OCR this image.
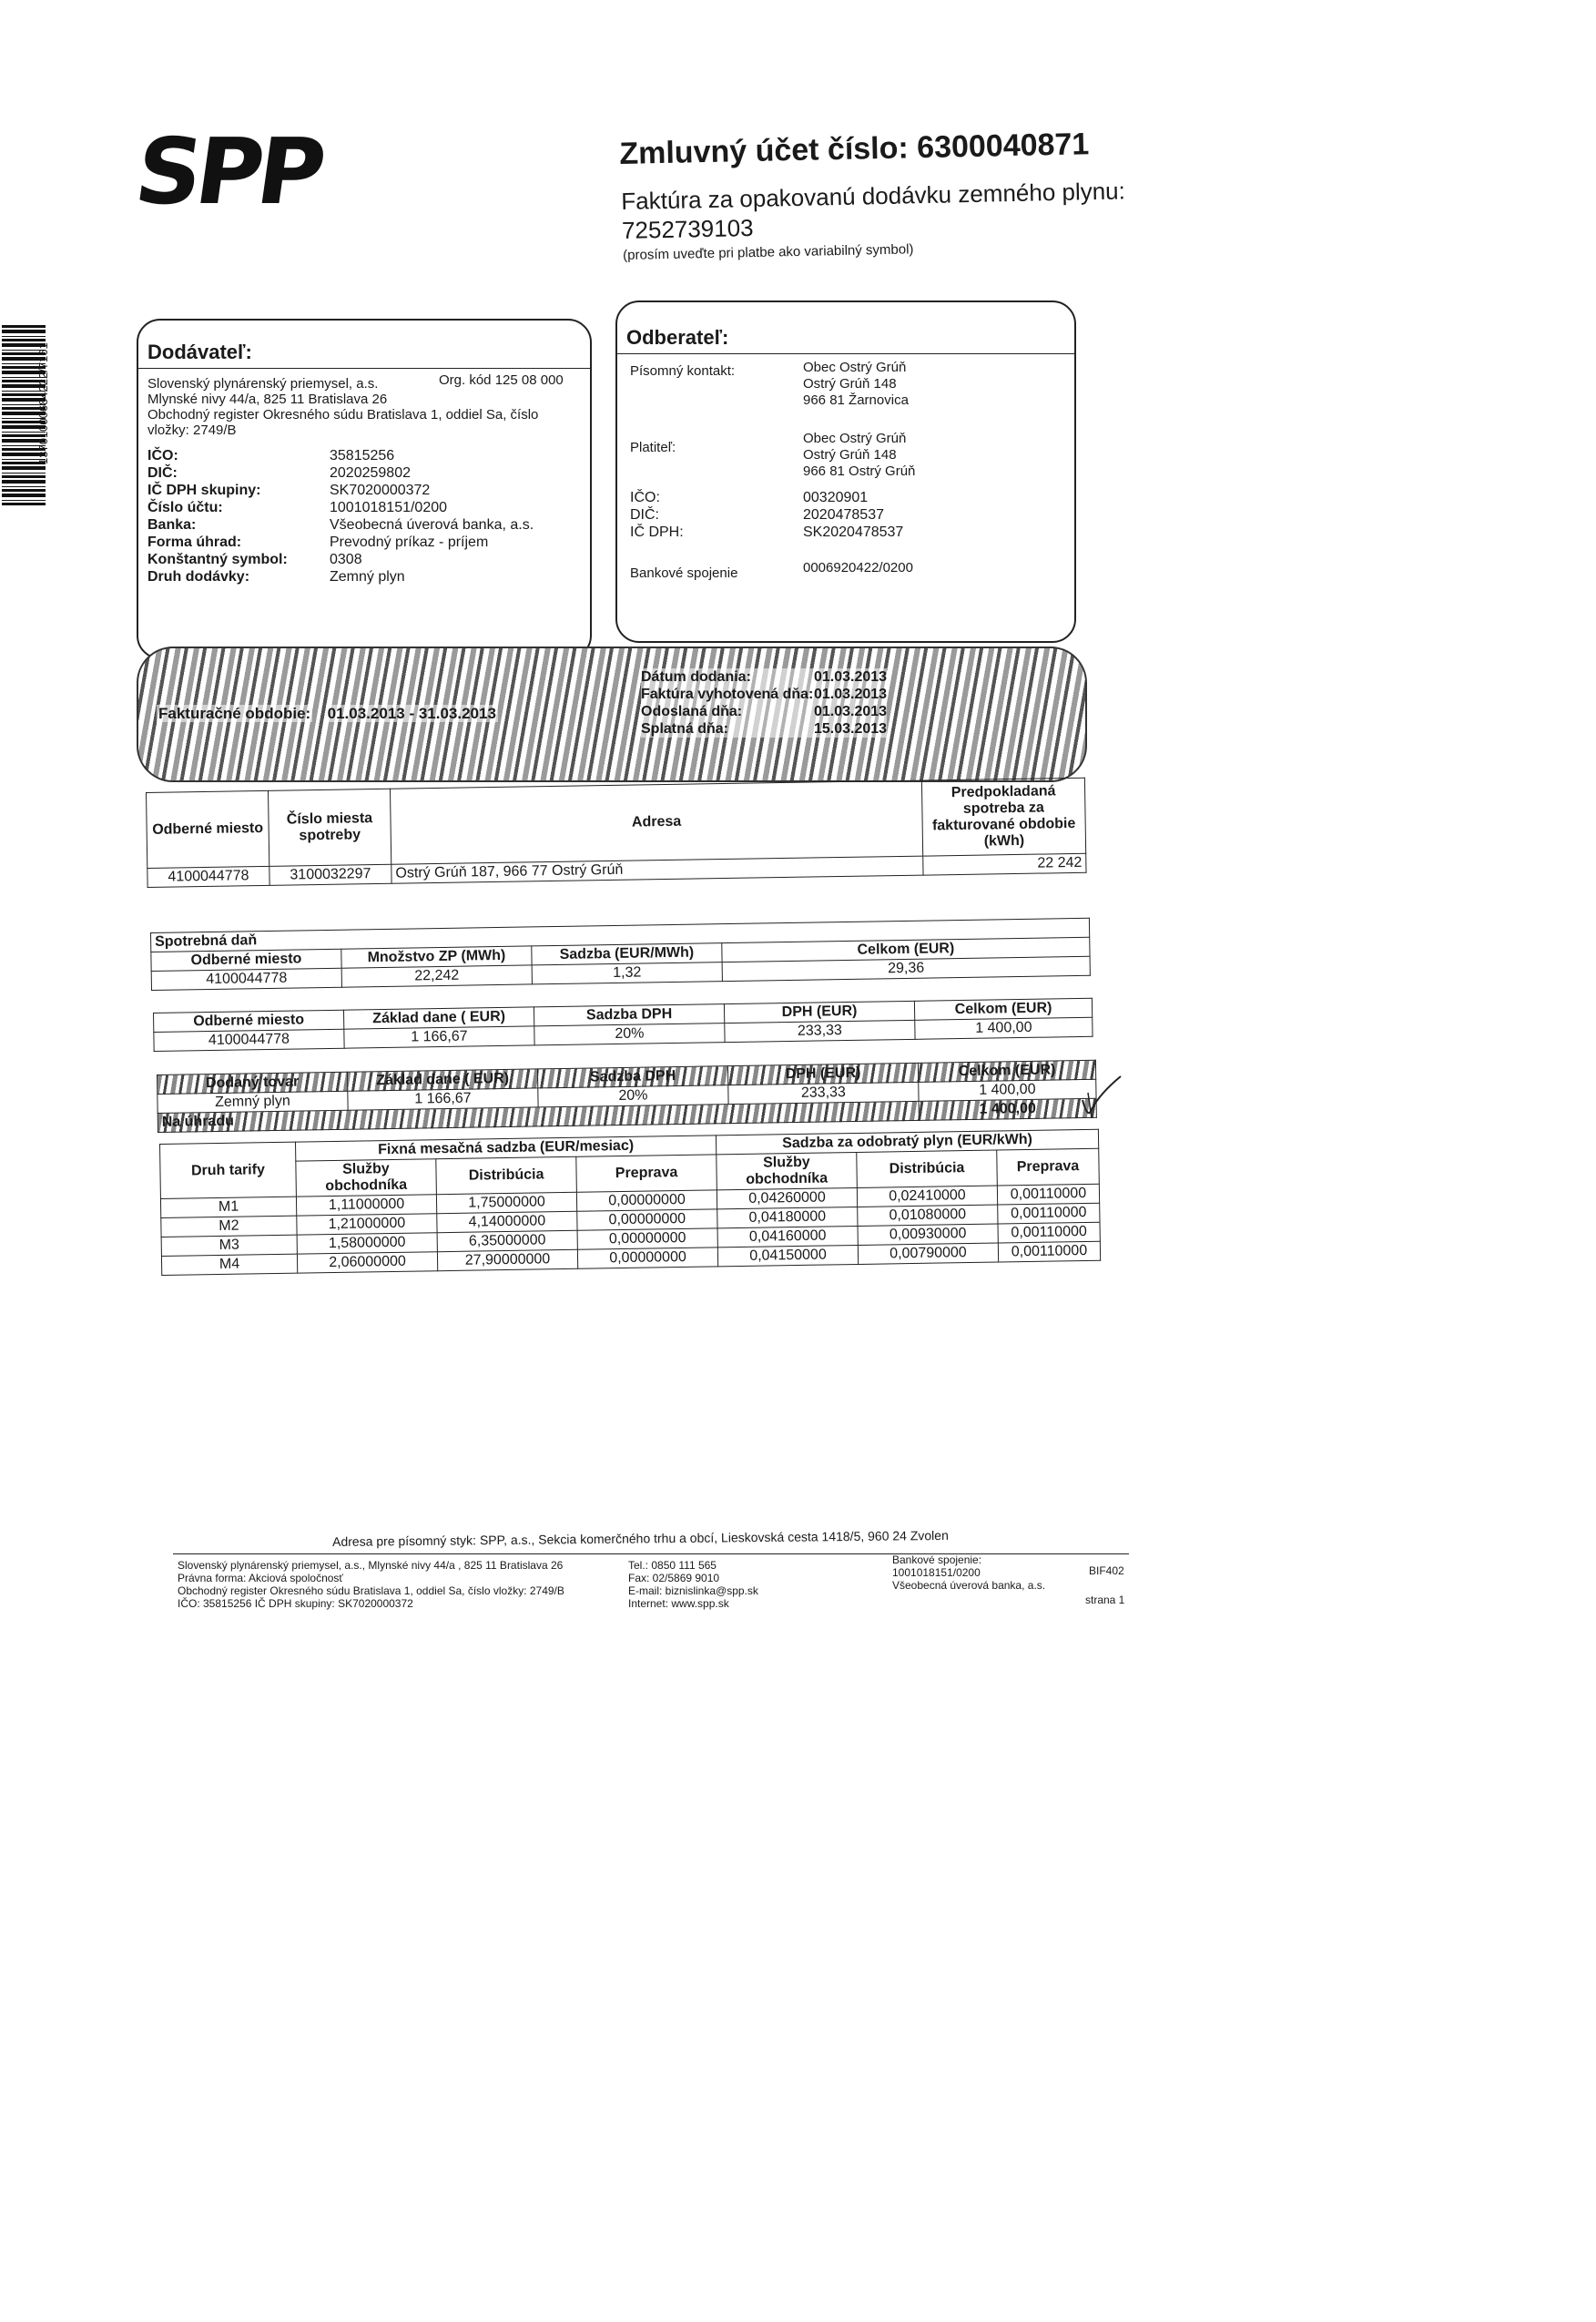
SPP
13701000684222/7161
Zmluvný účet číslo: 6300040871
Faktúra za opakovanú dodávku zemného plynu:
7252739103
(prosím uveďte pri platbe ako variabilný symbol)
Dodávateľ:
Slovenský plynárenský priemysel, a.s.	Org. kód 125 08 000
Mlynské nivy 44/a, 825 11 Bratislava 26
Obchodný register Okresného súdu Bratislava 1, oddiel Sa, číslo vložky: 2749/B
IČO:	35815256
DIČ:	2020259802
IČ DPH skupiny:	SK7020000372
Číslo účtu:	1001018151/0200
Banka:	Všeobecná úverová banka, a.s.
Forma úhrad:	Prevodný príkaz - príjem
Konštantný symbol:	0308
Druh dodávky:	Zemný plyn
Odberateľ:
Písomný kontakt:	Obec Ostrý Grúň
Ostrý Grúň 148
966 81 Žarnovica
Platiteľ:
Obec Ostrý Grúň
Ostrý Grúň 148
966 81 Ostrý Grúň
IČO:	00320901
DIČ:	2020478537
IČ DPH:	SK2020478537
Bankové spojenie	0006920422/0200
Fakturačné obdobie: 01.03.2013 - 31.03.2013
Dátum dodania:	01.03.2013
Faktúra vyhotovená dňa: 01.03.2013
Odoslaná dňa:	01.03.2013
Splatná dňa:	15.03.2013
Odberné miesto	Číslo miesta spotreby	Adresa	Predpokladaná spotreba za fakturované obdobie (kWh)
4100044778	3100032297	Ostrý Grúň 187, 966 77 Ostrý Grúň	22 242
Spotrebná daň			
Odberné miesto	Množstvo ZP (MWh)	Sadzba (EUR/MWh)	Celkom (EUR)
4100044778	22,242	1,32	29,36
Odberné miesto	Základ dane ( EUR)	Sadzba DPH	DPH (EUR)	Celkom (EUR)
4100044778	1 166,67	20%	233,33	1 400,00
Dodaný tovar	Základ dane ( EUR)	Sadzba DPH	DPH (EUR)	Celkom (EUR)
Zemný plyn	1 166,67	20%	233,33	1 400,00
Na úhradu				1 400,00
Druh tarify	Fixná mesačná sadzba (EUR/mesiac)			Sadzba za odobratý plyn (EUR/kWh)		
	Služby obchodníka	Distribúcia	Preprava	Služby obchodníka	Distribúcia	Preprava
M1	1,11000000	1,75000000	0,00000000	0,04260000	0,02410000	0,00110000
M2	1,21000000	4,14000000	0,00000000	0,04180000	0,01080000	0,00110000
M3	1,58000000	6,35000000	0,00000000	0,04160000	0,00930000	0,00110000
M4	2,06000000	27,90000000	0,00000000	0,04150000	0,00790000	0,00110000
Adresa pre písomný styk: SPP, a.s., Sekcia komerčného trhu a obcí, Lieskovská cesta 1418/5, 960 24 Zvolen
Slovenský plynárenský priemysel, a.s., Mlynské nivy 44/a , 825 11 Bratislava 26
Právna forma: Akciová spoločnosť
Obchodný register Okresného súdu Bratislava 1, oddiel Sa, číslo vložky: 2749/B
IČO: 35815256 IČ DPH skupiny: SK7020000372
Tel.: 0850 111 565
Fax: 02/5869 9010
E-mail: biznislinka@spp.sk
Internet: www.spp.sk
Bankové spojenie:
1001018151/0200
Všeobecná úverová banka, a.s.
BIF402
strana 1
